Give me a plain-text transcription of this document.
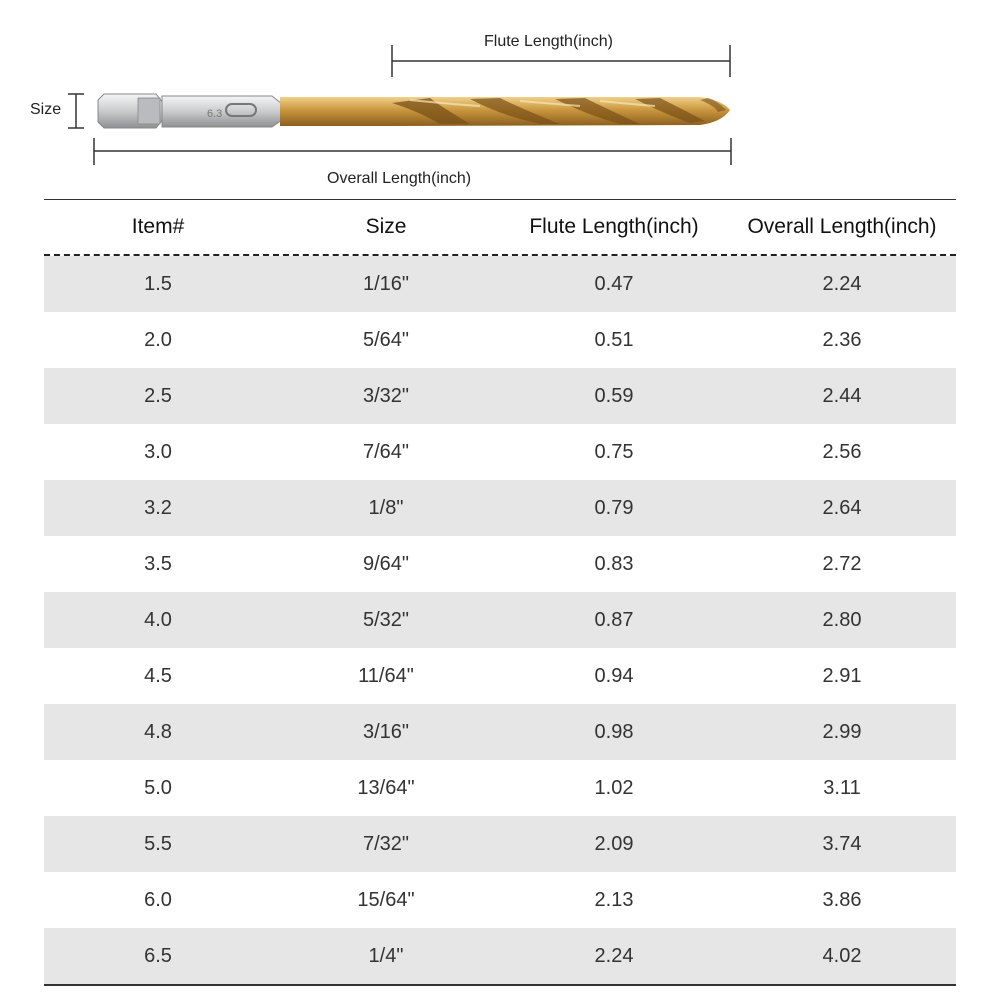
6.3
Flute Length(inch)
Size
Overall Length(inch)
Item#	Size	Flute Length(inch)	Overall Length(inch)
1.5	1/16"	0.47	2.24
2.0	5/64"	0.51	2.36
2.5	3/32"	0.59	2.44
3.0	7/64"	0.75	2.56
3.2	1/8"	0.79	2.64
3.5	9/64"	0.83	2.72
4.0	5/32"	0.87	2.80
4.5	11/64"	0.94	2.91
4.8	3/16"	0.98	2.99
5.0	13/64"	1.02	3.11
5.5	7/32"	2.09	3.74
6.0	15/64"	2.13	3.86
6.5	1/4"	2.24	4.02
